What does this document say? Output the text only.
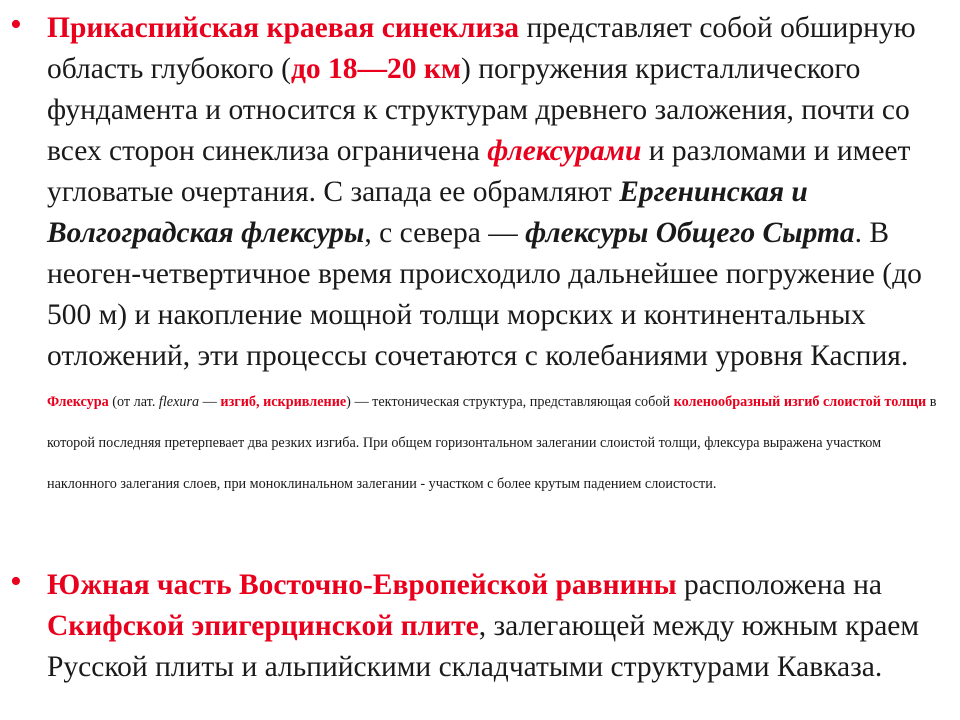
• Прикаспийская краевая синеклиза представляет собой обширную область глубокого (до 18—20 км) погружения кристаллического фундамента и относится к структурам древнего заложения, почти со всех сторон синеклиза ограничена флексурами и разломами и имеет угловатые очертания. С запада ее обрамляют Ергенинская и Волгоградская флексуры, с севера — флексуры Общего Сырта. В неоген-четвертичное время происходило дальнейшее погружение (до 500 м) и накопление мощной толщи морских и континентальных отложений, эти процессы сочетаются с колебаниями уровня Каспия. Флексура (от лат. flexura — изгиб, искривление) — тектоническая структура, представляющая собой коленообразный изгиб слоистой толщи в которой последняя претерпевает два резких изгиба. При общем горизонтальном залегании слоистой толщи, флексура выражена участком наклонного залегания слоев, при моноклинальном залегании - участком с более крутым падением слоистости.

• Южная часть Восточно-Европейской равнины расположена на Скифской эпигерцинской плите, залегающей между южным краем Русской плиты и альпийскими складчатыми структурами Кавказа.
